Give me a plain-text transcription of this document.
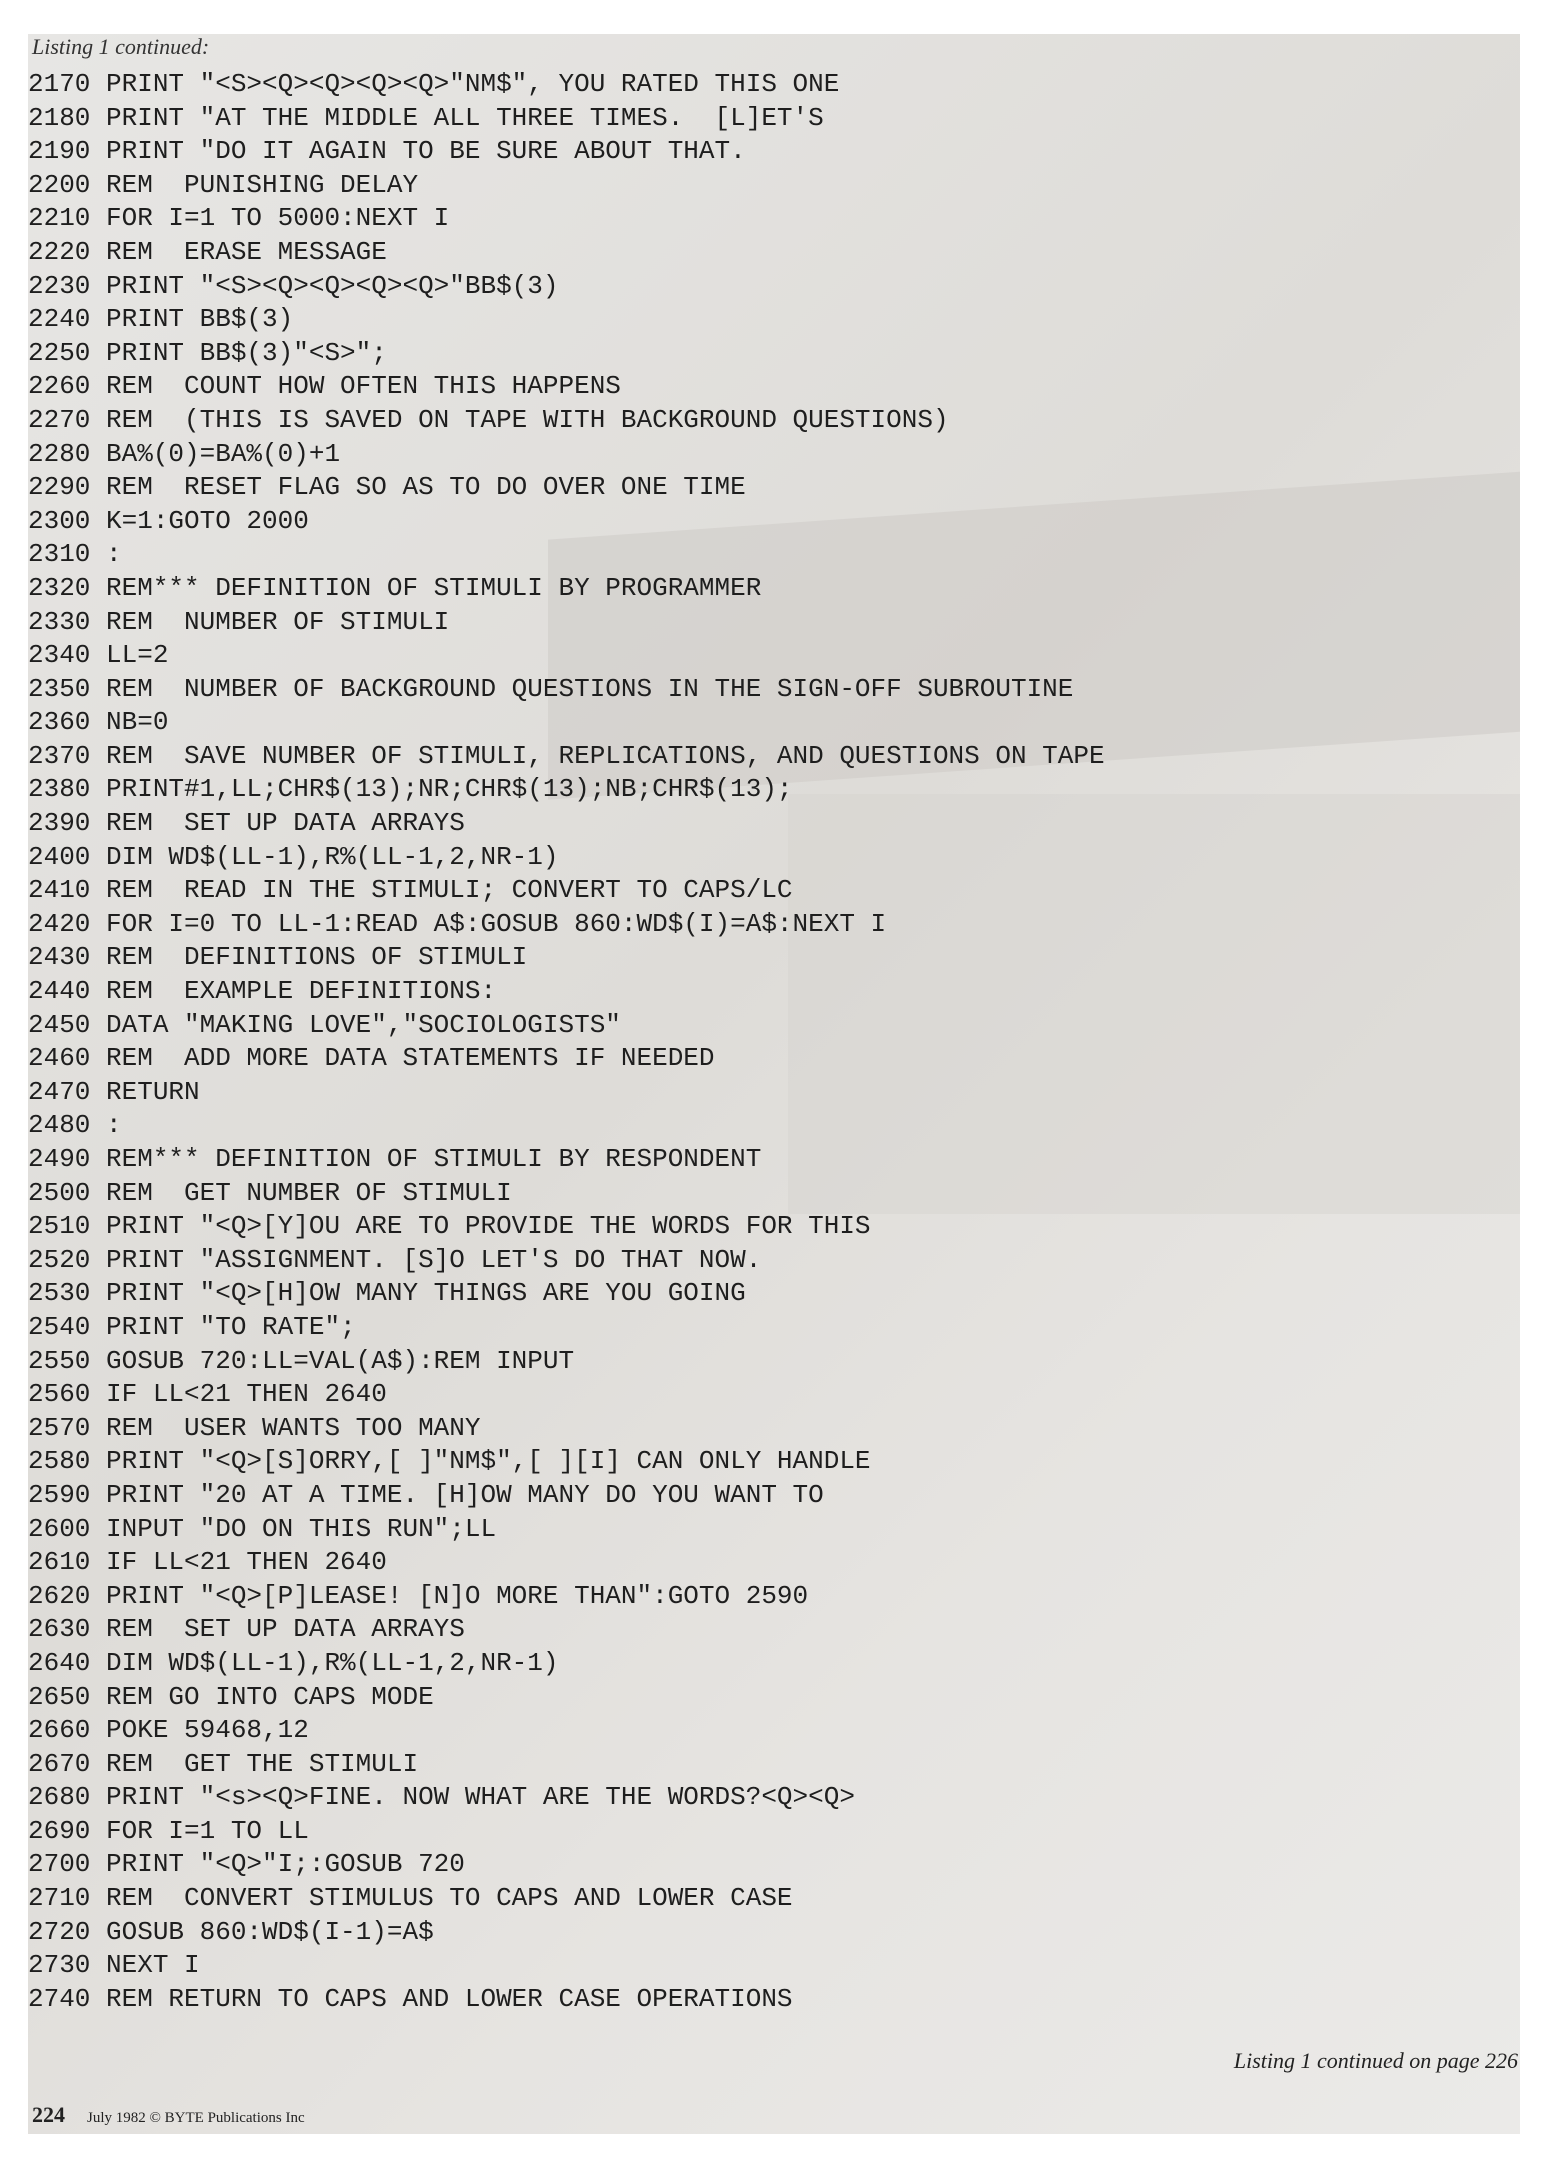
Listing 1 continued:
2170 PRINT "<S><Q><Q><Q><Q>"NM$", YOU RATED THIS ONE
2180 PRINT "AT THE MIDDLE ALL THREE TIMES.  [L]ET'S
2190 PRINT "DO IT AGAIN TO BE SURE ABOUT THAT.
2200 REM  PUNISHING DELAY
2210 FOR I=1 TO 5000:NEXT I
2220 REM  ERASE MESSAGE
2230 PRINT "<S><Q><Q><Q><Q>"BB$(3)
2240 PRINT BB$(3)
2250 PRINT BB$(3)"<S>";
2260 REM  COUNT HOW OFTEN THIS HAPPENS
2270 REM  (THIS IS SAVED ON TAPE WITH BACKGROUND QUESTIONS)
2280 BA%(0)=BA%(0)+1
2290 REM  RESET FLAG SO AS TO DO OVER ONE TIME
2300 K=1:GOTO 2000
2310 :
2320 REM*** DEFINITION OF STIMULI BY PROGRAMMER
2330 REM  NUMBER OF STIMULI
2340 LL=2
2350 REM  NUMBER OF BACKGROUND QUESTIONS IN THE SIGN-OFF SUBROUTINE
2360 NB=0
2370 REM  SAVE NUMBER OF STIMULI, REPLICATIONS, AND QUESTIONS ON TAPE
2380 PRINT#1,LL;CHR$(13);NR;CHR$(13);NB;CHR$(13);
2390 REM  SET UP DATA ARRAYS
2400 DIM WD$(LL-1),R%(LL-1,2,NR-1)
2410 REM  READ IN THE STIMULI; CONVERT TO CAPS/LC
2420 FOR I=0 TO LL-1:READ A$:GOSUB 860:WD$(I)=A$:NEXT I
2430 REM  DEFINITIONS OF STIMULI
2440 REM  EXAMPLE DEFINITIONS:
2450 DATA "MAKING LOVE","SOCIOLOGISTS"
2460 REM  ADD MORE DATA STATEMENTS IF NEEDED
2470 RETURN
2480 :
2490 REM*** DEFINITION OF STIMULI BY RESPONDENT
2500 REM  GET NUMBER OF STIMULI
2510 PRINT "<Q>[Y]OU ARE TO PROVIDE THE WORDS FOR THIS
2520 PRINT "ASSIGNMENT. [S]O LET'S DO THAT NOW.
2530 PRINT "<Q>[H]OW MANY THINGS ARE YOU GOING
2540 PRINT "TO RATE";
2550 GOSUB 720:LL=VAL(A$):REM INPUT
2560 IF LL<21 THEN 2640
2570 REM  USER WANTS TOO MANY
2580 PRINT "<Q>[S]ORRY,[ ]"NM$",[ ][I] CAN ONLY HANDLE
2590 PRINT "20 AT A TIME. [H]OW MANY DO YOU WANT TO
2600 INPUT "DO ON THIS RUN";LL
2610 IF LL<21 THEN 2640
2620 PRINT "<Q>[P]LEASE! [N]O MORE THAN":GOTO 2590
2630 REM  SET UP DATA ARRAYS
2640 DIM WD$(LL-1),R%(LL-1,2,NR-1)
2650 REM GO INTO CAPS MODE
2660 POKE 59468,12
2670 REM  GET THE STIMULI
2680 PRINT "<s><Q>FINE. NOW WHAT ARE THE WORDS?<Q><Q>
2690 FOR I=1 TO LL
2700 PRINT "<Q>"I;:GOSUB 720
2710 REM  CONVERT STIMULUS TO CAPS AND LOWER CASE
2720 GOSUB 860:WD$(I-1)=A$
2730 NEXT I
2740 REM RETURN TO CAPS AND LOWER CASE OPERATIONS
Listing 1 continued on page 226
224 July 1982 © BYTE Publications Inc
